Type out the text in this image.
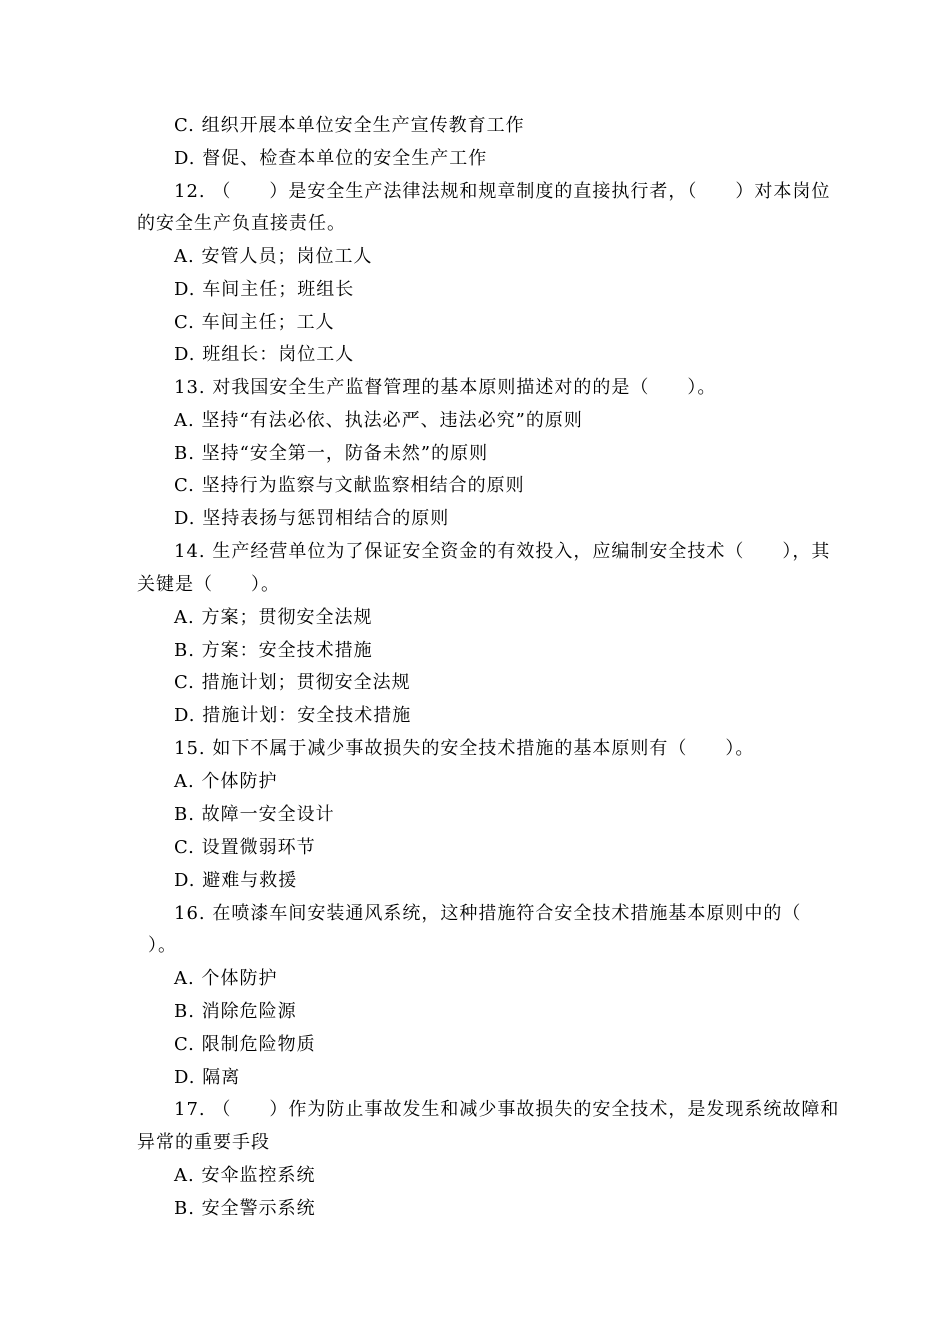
C. 组织开展本单位安全生产宣传教育工作
D. 督促、检查本单位的安全生产工作
12. （　　）是安全生产法律法规和规章制度的直接执行者，（　　）对本岗位
的安全生产负直接责任。
A. 安管人员；岗位工人
D. 车间主任；班组长
C. 车间主任；工人
D. 班组长：岗位工人
13. 对我国安全生产监督管理的基本原则描述对的的是（　　）。
A. 坚持“有法必依、执法必严、违法必究”的原则
B. 坚持“安全第一，防备未然”的原则
C. 坚持行为监察与文献监察相结合的原则
D. 坚持表扬与惩罚相结合的原则
14. 生产经营单位为了保证安全资金的有效投入，应编制安全技术（　　），其
关键是（　　）。
A. 方案；贯彻安全法规
B. 方案：安全技术措施
C. 措施计划；贯彻安全法规
D. 措施计划：安全技术措施
15. 如下不属于减少事故损失的安全技术措施的基本原则有（　　）。
A. 个体防护
B. 故障一安全设计
C. 设置微弱环节
D. 避难与救援
16. 在喷漆车间安装通风系统，这种措施符合安全技术措施基本原则中的（
）。
A. 个体防护
B. 消除危险源
C. 限制危险物质
D. 隔离
17. （　　）作为防止事故发生和减少事故损失的安全技术，是发现系统故障和
异常的重要手段
A. 安伞监控系统
B. 安全警示系统
